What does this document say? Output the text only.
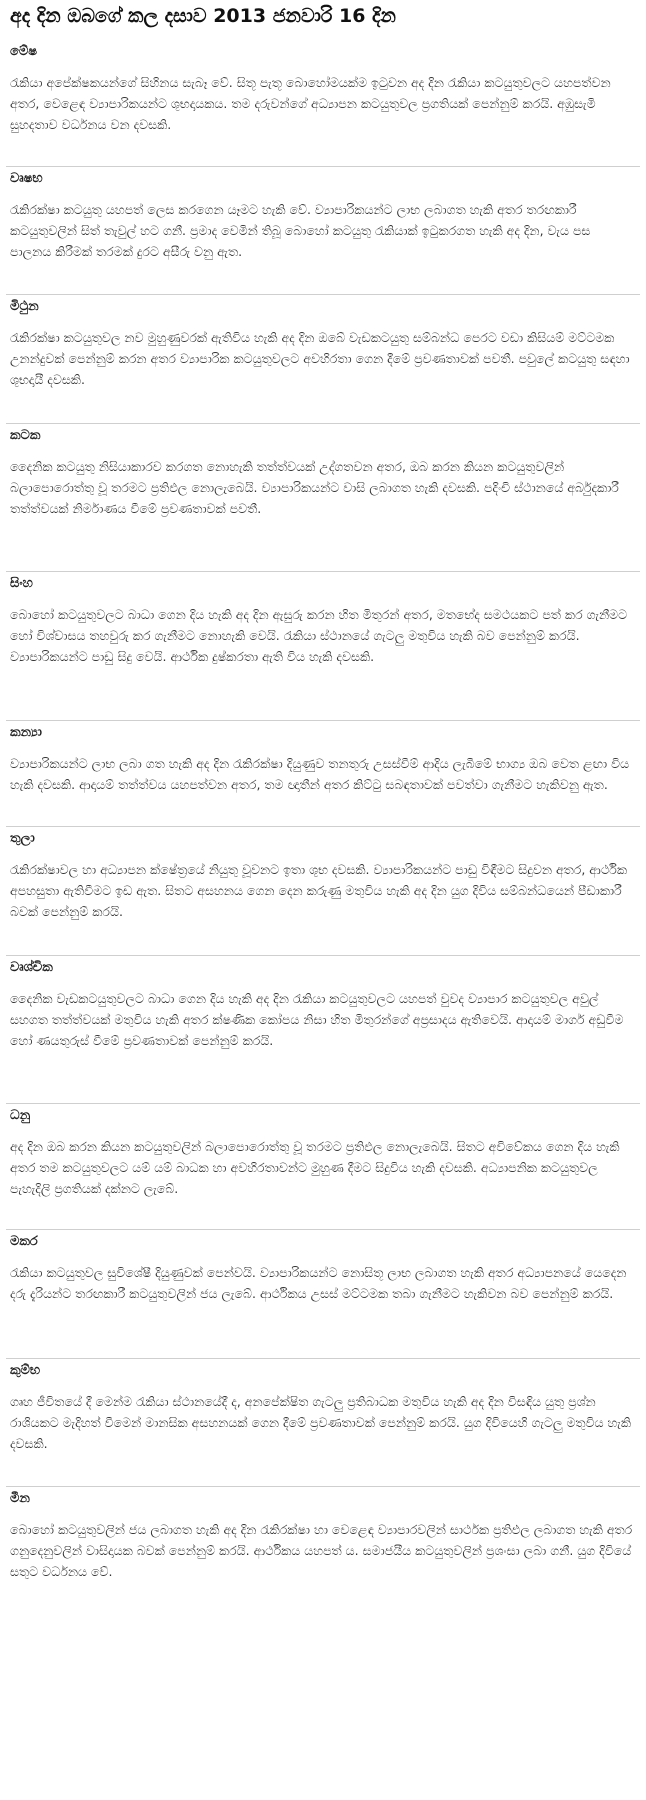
අද දින ඔබගේ කල දසාව 2013 ජනවාරි 16 දින
මේෂ

රැකියා අපේක්ෂකයන්ගේ සිහිනය සැබෑ වේ. සිතූ පැතූ බොහෝමයක්ම ඉටුවන අද දින රැකියා කටයුතුවලට යහපත්වන අතර, වෙළෙඳ ව්‍යාපාරිකයන්ට ශුභදායකය. තම දරුවන්ගේ අධ්‍යාපන කටයුතුවල ප්‍රගතියක් පෙන්නුම් කරයි. අඹුසැමි සුහදතාව වර්ධනය වන දවසකි.

වෘෂභ

රැකිරක්ෂා කටයුතු යහපත් ලෙස කරගෙන යෑමට හැකි වේ. ව්‍යාපාරිකයන්ට ලාභ ලබාගත හැකි අතර තරඟකාරී කටයුතුවලින් සිත් තැවුල් හට ගනී. ප්‍රමාද වෙමින් තිබූ බොහෝ කටයුතු රැකියාක් ඉටුකරගත හැකි අද දින, වැය පස පාලනය කිරීමක් තරමක් දුරට අසීරු වනු ඇත.

මිථුන

රැකිරක්ෂා කටයුතුවල නව මුහුණුවරක් ඇතිවිය හැකි අද දින ඔබේ වැඩකටයුතු සම්බන්ධ පෙරට වඩා කිසියම් මට්ටමක උනන්දුවක් පෙන්නුම් කරන අතර ව්‍යාපාරික කටයුතුවලට අවහිරතා ගෙන දීමේ ප්‍රවණතාවක් පවතී. පවුලේ කටයුතු සඳහා ශුභදායී දවසකි.

කටක

දෛනික කටයුතු නිසියාකාරව කරගත නොහැකි තත්ත්වයක් උද්ගතවන අතර, ඔබ කරන කියන කටයුතුවලින් බලාපොරොත්තු වූ තරමට ප්‍රතිඵල නොලැබෙයි. ව්‍යාපාරිකයන්ට වාසි ලබාගත හැකි දවසකි. පදිංචි ස්ථානයේ අර්බුදකාරී තත්ත්වයක් නිර්මාණය වීමේ ප්‍රවණතාවක් පවතී.

සිංහ

බොහෝ කටයුතුවලට බාධා ගෙන දිය හැකි අද දින ඇසුරු කරන හිත මිතුරන් අතර, මතභේද සමථයකට පත් කර ගැනීමට හෝ විශ්වාසය තහවුරු කර ගැනීමට නොහැකි වෙයි. රැකියා ස්ථානයේ ගැටලු මතුවිය හැකි බව පෙන්නුම් කරයි. ව්‍යාපාරිකයන්ට පාඩු සිදු වෙයි. ආර්ථික දුෂ්කරතා ඇති විය හැකි දවසකි.

කන්‍යා

ව්‍යාපාරිකයන්ට ලාභ ලබා ගත හැකි අද දින රැකිරක්ෂා දියුණුව තනතුරු උසස්වීම් ආදිය ලැබීමේ භාග්‍ය ඔබ වෙත ළඟා විය හැකි දවසකි. ආදායම් තත්ත්වය යහපත්වන අතර, තම ඥාතීන් අතර කිට්ටු සබඳතාවක් පවත්වා ගැනීමට හැකිවනු ඇත.

තුලා

රැකිරක්ෂාවල හා අධ්‍යාපන ක්ෂේත්‍රයේ නියුතු වූවනට ඉතා ශුභ දවසකි. ව්‍යාපාරිකයන්ට පාඩු විඳීමට සිදුවන අතර, ආර්ථික අපහසුතා ඇතිවීමට ඉඩ ඇත. සිතට අසහනය ගෙන දෙන කරුණු මතුවිය හැකි අද දින යුග දිවිය සම්බන්ධයෙන් පීඩාකාරී බවක් පෙන්නුම් කරයි.

වෘශ්චික

දෛනික වැඩකටයුතුවලට බාධා ගෙන දිය හැකි අද දින රැකියා කටයුතුවලට යහපත් වුවද ව්‍යාපාර කටයුතුවල අවුල් සහගත තත්ත්වයක් මතුවිය හැකි අතර ක්ෂණික කෝපය නිසා හිත මිතුරන්ගේ අප්‍රසාදය ඇතිවෙයි. ආදායම් මාර්ග අඩුවීම හෝ ණයතුරුස් වීමේ ප්‍රවණතාවක් පෙන්නුම් කරයි.

ධනු

අද දින ඔබ කරන කියන කටයුතුවලින් බලාපොරොත්තු වූ තරමට ප්‍රතිඵල නොලැබෙයි. සිතට අවිවේකය ගෙන දිය හැකි අතර තම කටයුතුවලට යම් යම් බාධක හා අවහිරතාවන්ට මුහුණ දීමට සිදුවිය හැකි දවසකි. අධ්‍යාපනික කටයුතුවල පැහැදිලි ප්‍රගතියක් දක්නට ලැබේ.

මකර

රැකියා කටයුතුවල සුවිශේෂී දියුණුවක් පෙන්වයි. ව්‍යාපාරිකයන්ට නොසිතූ ලාභ ලබාගත හැකි අතර අධ්‍යාපනයේ යෙදෙන දරු දැරියන්ට තරඟකාරී කටයුතුවලින් ජය ලැබේ. ආර්ථිකය උසස් මට්ටමක තබා ගැනීමට හැකිවන බව පෙන්නුම් කරයි.

කුම්භ

ගෘහ ජීවිතයේ දී මෙන්ම රැකියා ස්ථානයේදී ද, අනපේක්ෂිත ගැටලු ප්‍රතිබාධක මතුවිය හැකි අද දින විසඳිය යුතු ප්‍රශ්න රාශියකට මැදිහත් වීමෙන් මානසික අසහනයක් ගෙන දීමේ ප්‍රවණතාවක් පෙන්නුම් කරයි. යුග දිවියෙහි ගැටලු මතුවිය හැකි දවසකි.

මීන

බොහෝ කටයුතුවලින් ජය ලබාගත හැකි අද දින රැකිරක්ෂා හා වෙළෙඳ ව්‍යාපාරවලින් සාර්ථක ප්‍රතිඵල ලබාගත හැකි අතර ගනුදෙනුවලින් වාසිදායක බවක් පෙන්නුම් කරයි. ආර්ථිකය යහපත් ය. සමාජයීය කටයුතුවලින් ප්‍රශංසා ලබා ගනී. යුග දිවියේ සතුට වර්ධනය වේ.
